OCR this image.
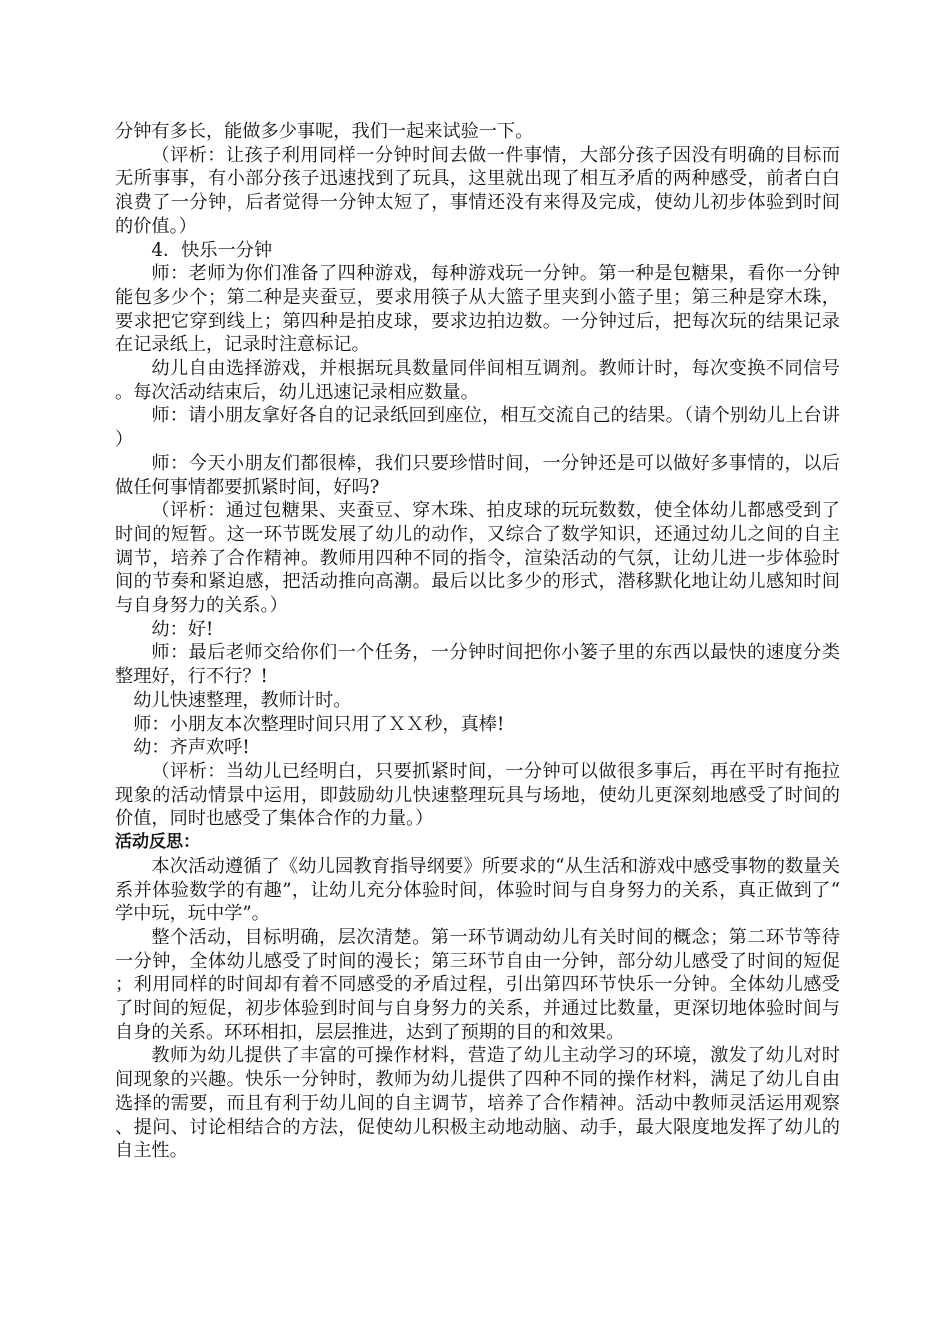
分钟有多长，能做多少事呢，我们一起来试验一下。

（评析：让孩子利用同样一分钟时间去做一件事情，大部分孩子因没有明确的目标而无所事事，有小部分孩子迅速找到了玩具，这里就出现了相互矛盾的两种感受，前者白白浪费了一分钟，后者觉得一分钟太短了，事情还没有来得及完成，使幼儿初步体验到时间的价值。）

4．快乐一分钟

师：老师为你们准备了四种游戏，每种游戏玩一分钟。第一种是包糖果，看你一分钟能包多少个；第二种是夹蚕豆，要求用筷子从大篮子里夹到小篮子里；第三种是穿木珠，要求把它穿到线上；第四种是拍皮球，要求边拍边数。一分钟过后，把每次玩的结果记录在记录纸上，记录时注意标记。

幼儿自由选择游戏，并根据玩具数量同伴间相互调剂。教师计时，每次变换不同信号。每次活动结束后，幼儿迅速记录相应数量。

师：请小朋友拿好各自的记录纸回到座位，相互交流自己的结果。（请个别幼儿上台讲）

师：今天小朋友们都很棒，我们只要珍惜时间，一分钟还是可以做好多事情的，以后做任何事情都要抓紧时间，好吗?

（评析：通过包糖果、夹蚕豆、穿木珠、拍皮球的玩玩数数，使全体幼儿都感受到了时间的短暂。这一环节既发展了幼儿的动作，又综合了数学知识，还通过幼儿之间的自主调节，培养了合作精神。教师用四种不同的指令，渲染活动的气氛，让幼儿进一步体验时间的节奏和紧迫感，把活动推向高潮。最后以比多少的形式，潜移默化地让幼儿感知时间与自身努力的关系。）

幼：好!

师：最后老师交给你们一个任务，一分钟时间把你小篓子里的东西以最快的速度分类整理好，行不行？!

幼儿快速整理，教师计时。

师：小朋友本次整理时间只用了ＸＸ秒，真棒!

幼：齐声欢呼!

（评析：当幼儿已经明白，只要抓紧时间，一分钟可以做很多事后，再在平时有拖拉现象的活动情景中运用，即鼓励幼儿快速整理玩具与场地，使幼儿更深刻地感受了时间的价值，同时也感受了集体合作的力量。）

活动反思：

本次活动遵循了《幼儿园教育指导纲要》所要求的“从生活和游戏中感受事物的数量关系并体验数学的有趣”，让幼儿充分体验时间，体验时间与自身努力的关系，真正做到了“学中玩，玩中学”。

整个活动，目标明确，层次清楚。第一环节调动幼儿有关时间的概念；第二环节等待一分钟，全体幼儿感受了时间的漫长；第三环节自由一分钟，部分幼儿感受了时间的短促；利用同样的时间却有着不同感受的矛盾过程，引出第四环节快乐一分钟。全体幼儿感受了时间的短促，初步体验到时间与自身努力的关系，并通过比数量，更深切地体验时间与自身的关系。环环相扣，层层推进，达到了预期的目的和效果。

教师为幼儿提供了丰富的可操作材料，营造了幼儿主动学习的环境，激发了幼儿对时间现象的兴趣。快乐一分钟时，教师为幼儿提供了四种不同的操作材料，满足了幼儿自由选择的需要，而且有利于幼儿间的自主调节，培养了合作精神。活动中教师灵活运用观察、提问、讨论相结合的方法，促使幼儿积极主动地动脑、动手，最大限度地发挥了幼儿的自主性。
